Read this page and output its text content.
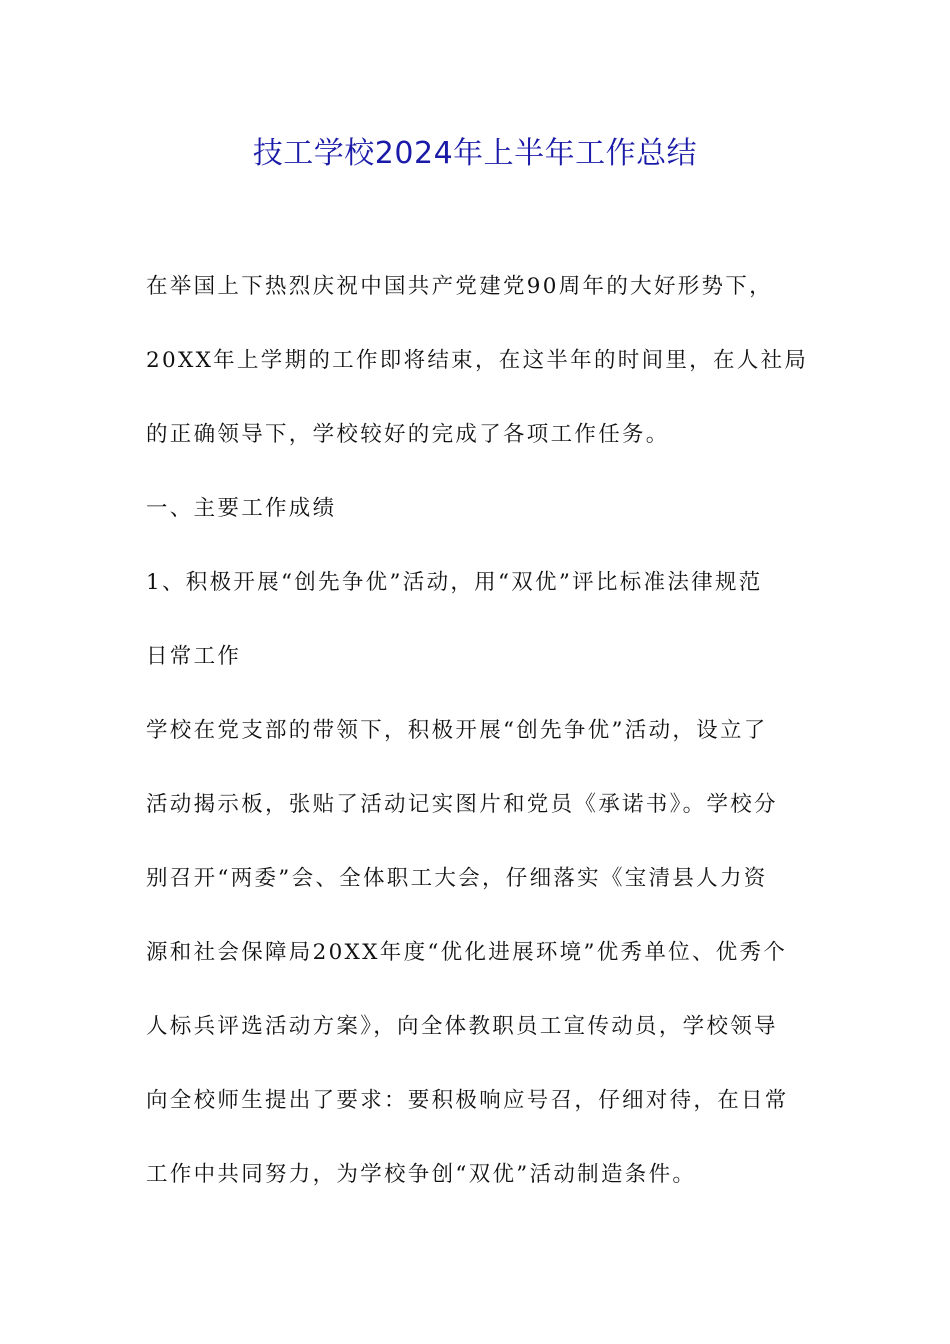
技工学校2024年上半年工作总结
在举国上下热烈庆祝中国共产党建党90周年的大好形势下，
20XX年上学期的工作即将结束，在这半年的时间里，在人社局
的正确领导下，学校较好的完成了各项工作任务。
一、主要工作成绩
1、积极开展“创先争优”活动，用“双优”评比标准法律规范
日常工作
学校在党支部的带领下，积极开展“创先争优”活动，设立了
活动揭示板，张贴了活动记实图片和党员《承诺书》。学校分
别召开“两委”会、全体职工大会，仔细落实《宝清县人力资
源和社会保障局20XX年度“优化进展环境”优秀单位、优秀个
人标兵评选活动方案》，向全体教职员工宣传动员，学校领导
向全校师生提出了要求：要积极响应号召，仔细对待，在日常
工作中共同努力，为学校争创“双优”活动制造条件。
